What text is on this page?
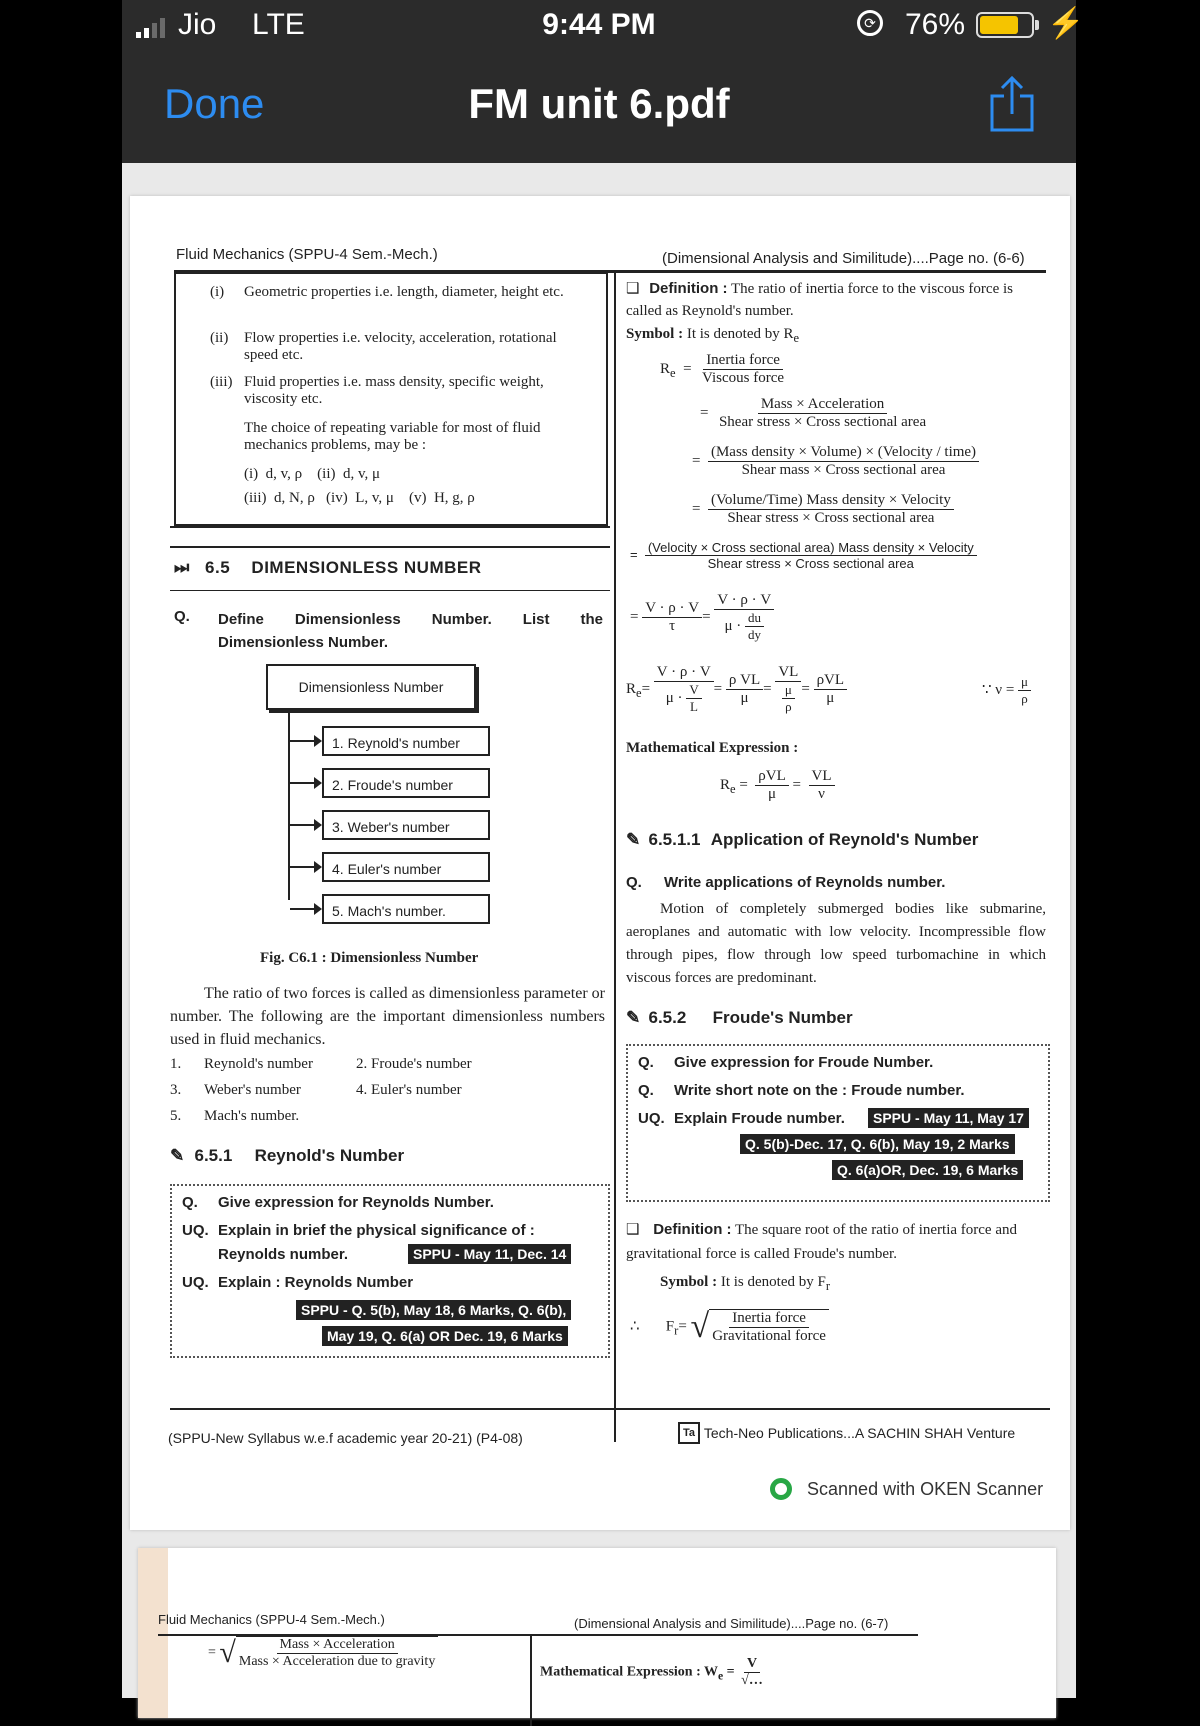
Jio LTE	9:44 PM	⟳ 76%	⚡
Done	FM unit 6.pdf
Fluid Mechanics (SPPU-4 Sem.-Mech.)	(Dimensional Analysis and Similitude)....Page no. (6-6)
(i) Geometric properties i.e. length, diameter, height etc.
(ii) Flow properties i.e. velocity, acceleration, rotational speed etc.
(iii) Fluid properties i.e. mass density, specific weight, viscosity etc.
The choice of repeating variable for most of fluid mechanics problems, may be :
(i)  d, v, ρ    (ii)  d, v, μ
(iii)  d, N, ρ   (iv)  L, v, μ    (v)  H, g, ρ
⏭ 6.5 DIMENSIONLESS NUMBER
Q. Define Dimensionless Number. List the Dimensionless Number.
Dimensionless Number
1. Reynold's number
2. Froude's number
3. Weber's number
4. Euler's number
5. Mach's number.
Fig. C6.1 : Dimensionless Number
The ratio of two forces is called as dimensionless parameter or number. The following are the important dimensionless numbers used in fluid mechanics.
1. Reynold's number	2. Froude's number
3. Weber's number	4. Euler's number
5. Mach's number.
✎ 6.5.1 Reynold's Number
Q. Give expression for Reynolds Number.
UQ. Explain in brief the physical significance of :
Reynolds number.	SPPU - May 11, Dec. 14
UQ. Explain : Reynolds Number
SPPU - Q. 5(b), May 18, 6 Marks, Q. 6(b),
May 19, Q. 6(a) OR Dec. 19, 6 Marks
❑ Definition : The ratio of inertia force to the viscous force is called as Reynold's number.
Symbol : It is denoted by $R_e$
$R_e = \frac{\text{Inertia force}}{\text{Viscous force}}$
= $\frac{\text{Mass × Acceleration}}{\text{Shear stress × Cross sectional area}}$
= $\frac{\text{(Mass density × Volume) × (Velocity / time)}}{\text{Shear mass × Cross sectional area}}$
= $\frac{\text{(Volume/Time) Mass density × Velocity}}{\text{Shear stress × Cross sectional area}}$
= $\frac{\text{(Velocity × Cross sectional area) Mass density × Velocity}}{\text{Shear stress × Cross sectional area}}$
= $\frac{V \cdot \rho \cdot V}{\tau} = \frac{V \cdot \rho \cdot V}{\mu \cdot \frac{du}{dy}}$
$R_e= \frac{V \cdot \rho \cdot V}{\mu \cdot \frac{V}{L}} = \frac{\text{ρ VL}}{\mu} = \frac{VL}{\frac{\mu}{\rho}} = \frac{\text{ρVL}}{\mu}$	∵ $\nu = \frac{\mu}{\rho}$
Mathematical Expression :
$R_e = \frac{\text{ρVL}}{\mu} = \frac{VL}{\nu}$
✎ 6.5.1.1 Application of Reynold's Number
Q. Write applications of Reynolds number.
Motion of completely submerged bodies like submarine, aeroplanes and automatic with low velocity. Incompressible flow through pipes, flow through low speed turbomachine in which viscous forces are predominant.
✎ 6.5.2 Froude's Number
Q. Give expression for Froude Number.
Q. Write short note on the : Froude number.
UQ. Explain Froude number.	SPPU - May 11, May 17
Q. 5(b)-Dec. 17, Q. 6(b), May 19, 2 Marks
Q. 6(a)OR, Dec. 19, 6 Marks
❑ Definition : The square root of the ratio of inertia force and gravitational force is called Froude's number.
Symbol : It is denoted by $F_r$
∴ $F_r=$ √ $\frac{\text{Inertia force}}{\text{Gravitational force}}$
(SPPU-New Syllabus w.e.f academic year 20-21) (P4-08)	Ta Tech-Neo Publications...A SACHIN SHAH Venture
Scanned with OKEN Scanner
Fluid Mechanics (SPPU-4 Sem.-Mech.)	(Dimensional Analysis and Similitude)....Page no. (6-7)
= √ $\frac{\text{Mass × Acceleration}}{\text{Mass × Acceleration due to gravity}}$
Mathematical Expression : $W_e = \frac{V}{√\dots}$
